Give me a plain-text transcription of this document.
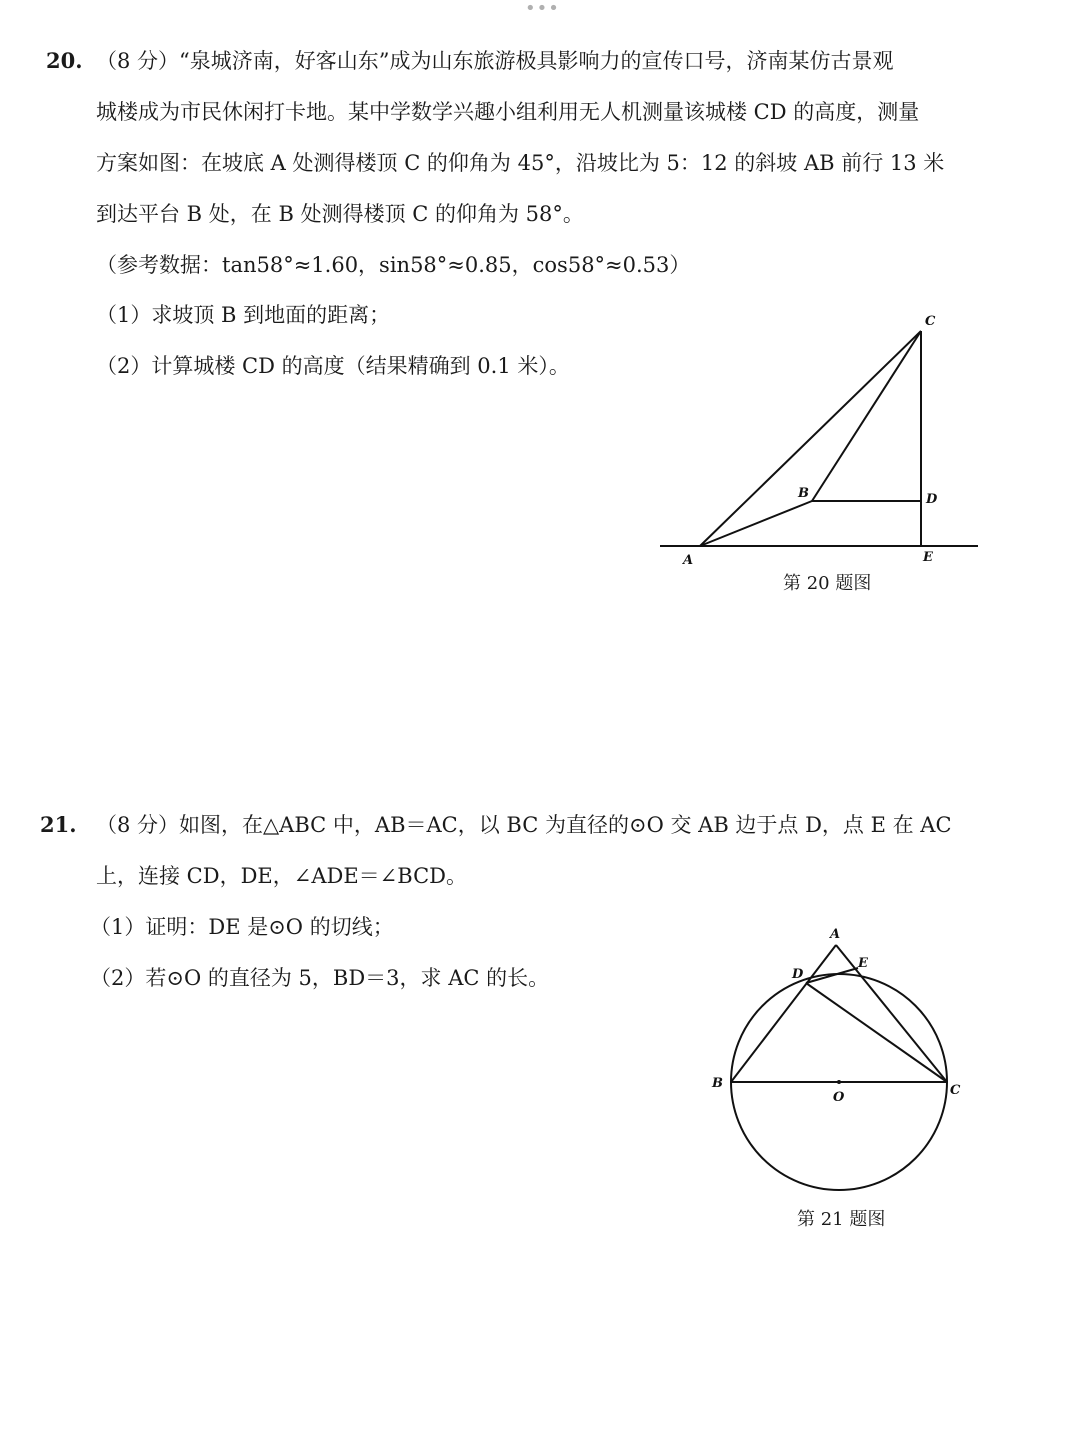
•••
20. （8 分）“泉城济南，好客山东”成为山东旅游极具影响力的宣传口号，济南某仿古景观
城楼成为市民休闲打卡地。某中学数学兴趣小组利用无人机测量该城楼 CD 的高度，测量
方案如图：在坡底 A 处测得楼顶 C 的仰角为 45°，沿坡比为 5：12 的斜坡 AB 前行 13 米
到达平台 B 处，在 B 处测得楼顶 C 的仰角为 58°。
（参考数据：tan58°≈1.60，sin58°≈0.85，cos58°≈0.53）
（1）求坡顶 B 到地面的距离；
（2）计算城楼 CD 的高度（结果精确到 0.1 米）。
C
B	D
A	E
第 20 题图
21. （8 分）如图，在△ABC 中，AB＝AC，以 BC 为直径的⊙O 交 AB 边于点 D，点 E 在 AC
上，连接 CD，DE，∠ADE＝∠BCD。
（1）证明：DE 是⊙O 的切线；
（2）若⊙O 的直径为 5，BD＝3，求 AC 的长。
A
D
E
B	C
O
第 21 题图
